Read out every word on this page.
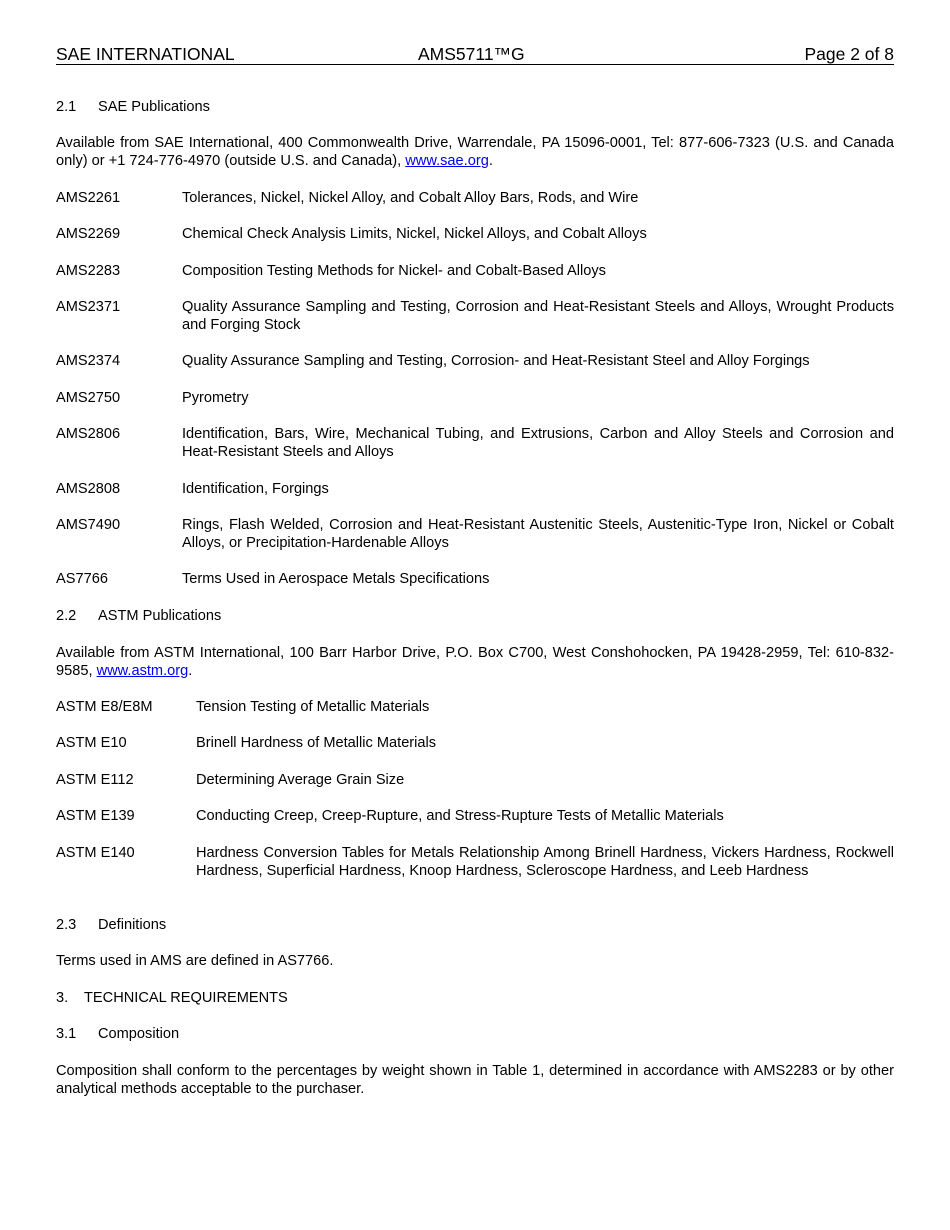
SAE INTERNATIONAL	AMS5711™G	Page 2 of 8
2.1 SAE Publications
Available from SAE International, 400 Commonwealth Drive, Warrendale, PA 15096-0001, Tel: 877-606-7323 (U.S. and Canada only) or +1 724-776-4970 (outside U.S. and Canada), www.sae.org.
AMS2261	Tolerances, Nickel, Nickel Alloy, and Cobalt Alloy Bars, Rods, and Wire
AMS2269	Chemical Check Analysis Limits, Nickel, Nickel Alloys, and Cobalt Alloys
AMS2283	Composition Testing Methods for Nickel- and Cobalt-Based Alloys
AMS2371	Quality Assurance Sampling and Testing, Corrosion and Heat-Resistant Steels and Alloys, Wrought Products and Forging Stock
AMS2374	Quality Assurance Sampling and Testing, Corrosion- and Heat-Resistant Steel and Alloy Forgings
AMS2750	Pyrometry
AMS2806	Identification, Bars, Wire, Mechanical Tubing, and Extrusions, Carbon and Alloy Steels and Corrosion and Heat-Resistant Steels and Alloys
AMS2808	Identification, Forgings
AMS7490	Rings, Flash Welded, Corrosion and Heat-Resistant Austenitic Steels, Austenitic-Type Iron, Nickel or Cobalt Alloys, or Precipitation-Hardenable Alloys
AS7766	Terms Used in Aerospace Metals Specifications
2.2 ASTM Publications
Available from ASTM International, 100 Barr Harbor Drive, P.O. Box C700, West Conshohocken, PA 19428-2959, Tel: 610-832-9585, www.astm.org.
ASTM E8/E8M	Tension Testing of Metallic Materials
ASTM E10	Brinell Hardness of Metallic Materials
ASTM E112	Determining Average Grain Size
ASTM E139	Conducting Creep, Creep-Rupture, and Stress-Rupture Tests of Metallic Materials
ASTM E140	Hardness Conversion Tables for Metals Relationship Among Brinell Hardness, Vickers Hardness, Rockwell Hardness, Superficial Hardness, Knoop Hardness, Scleroscope Hardness, and Leeb Hardness
2.3 Definitions
Terms used in AMS are defined in AS7766.
3. TECHNICAL REQUIREMENTS
3.1 Composition
Composition shall conform to the percentages by weight shown in Table 1, determined in accordance with AMS2283 or by other analytical methods acceptable to the purchaser.
